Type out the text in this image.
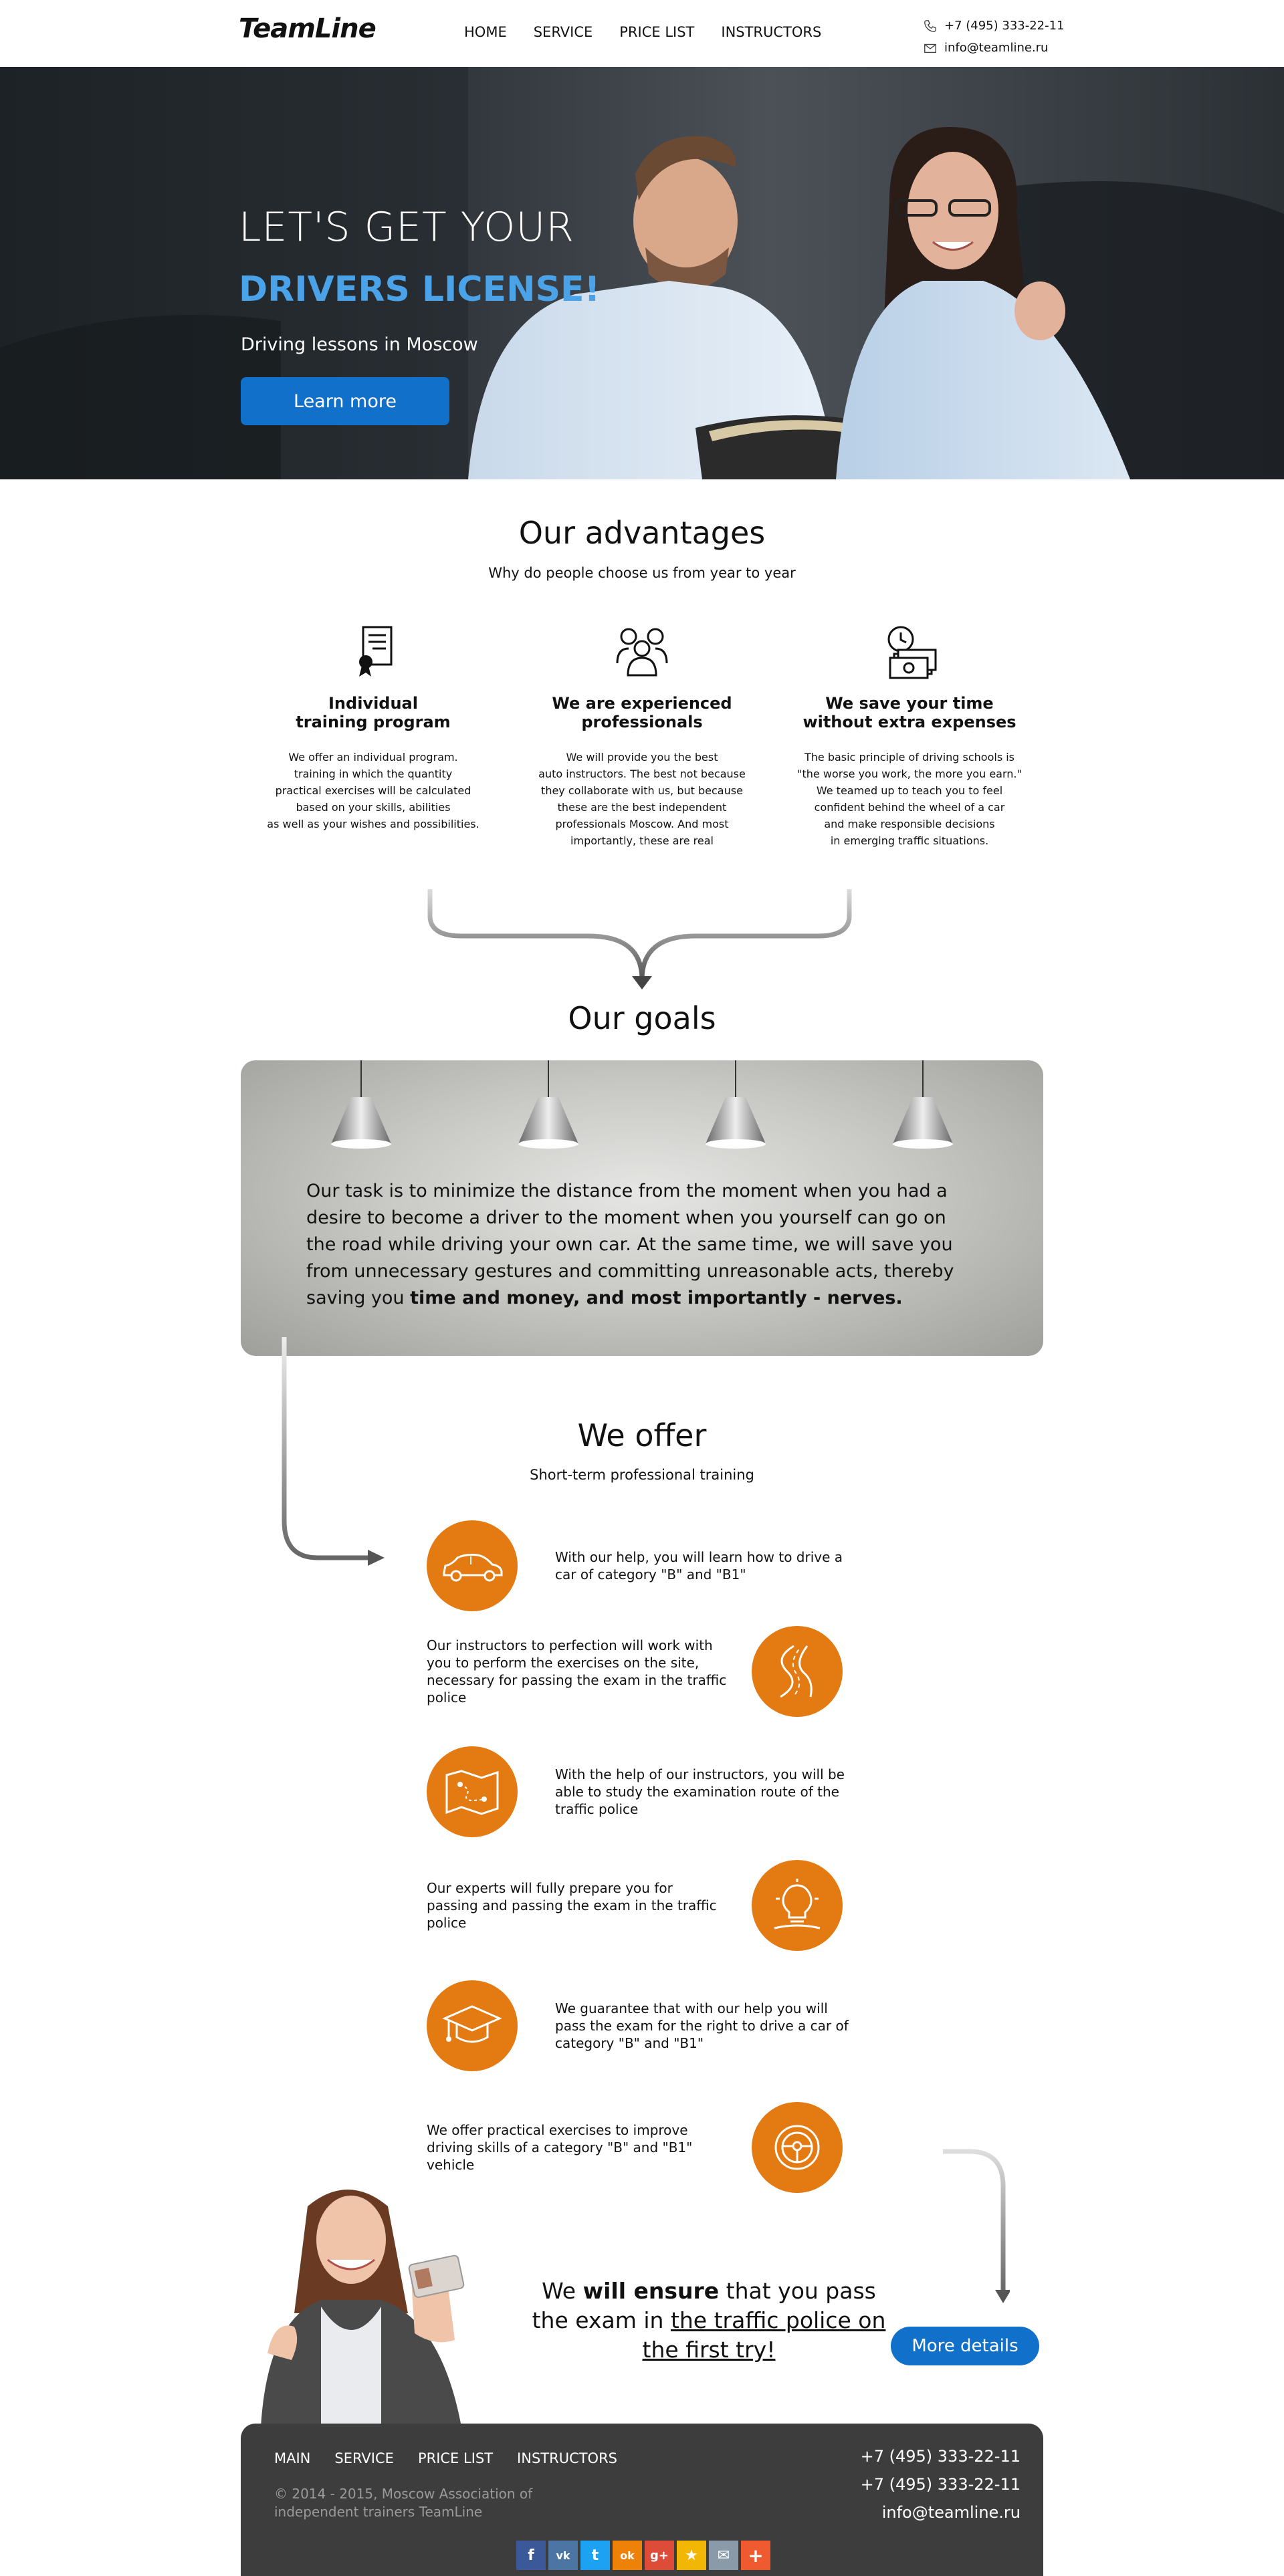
TeamLine	HOME SERVICE PRICE LIST INSTRUCTORS	+7 (495) 333-22-11
info@teamline.ru
LET'S GET YOUR
DRIVERS LICENSE!
Driving lessons in Moscow
Learn more
Our advantages
Why do people choose us from year to year
Individual
training program

We offer an individual program.
training in which the quantity
practical exercises will be calculated
based on your skills, abilities
as well as your wishes and possibilities.

We are experienced
professionals

We will provide you the best
auto instructors. The best not because
they collaborate with us, but because
these are the best independent
professionals Moscow. And most
importantly, these are real

We save your time
without extra expenses

The basic principle of driving schools is
"the worse you work, the more you earn."
We teamed up to teach you to feel
confident behind the wheel of a car
and make responsible decisions
in emerging traffic situations.

Our goals
Our task is to minimize the distance from the moment when you had a desire to become a driver to the moment when you yourself can go on the road while driving your own car. At the same time, we will save you from unnecessary gestures and committing unreasonable acts, thereby saving you time and money, and most importantly - nerves.
We offer
Short-term professional training
With our help, you will learn how to drive a car of category "B" and "B1"
Our instructors to perfection will work with you to perform the exercises on the site, necessary for passing the exam in the traffic police
With the help of our instructors, you will be able to study the examination route of the traffic police
Our experts will fully prepare you for passing and passing the exam in the traffic police
We guarantee that with our help you will pass the exam for the right to drive a car of category "B" and "B1"
We offer practical exercises to improve driving skills of a category "B" and "B1" vehicle
We will ensure that you pass the exam in the traffic police on the first try!	More details
MAIN SERVICE PRICE LIST INSTRUCTORS
© 2014 - 2015, Moscow Association of
independent trainers TeamLine
+7 (495) 333-22-11
+7 (495) 333-22-11
info@teamline.ru
f	vk	t	ok	g+	★	✉ +
